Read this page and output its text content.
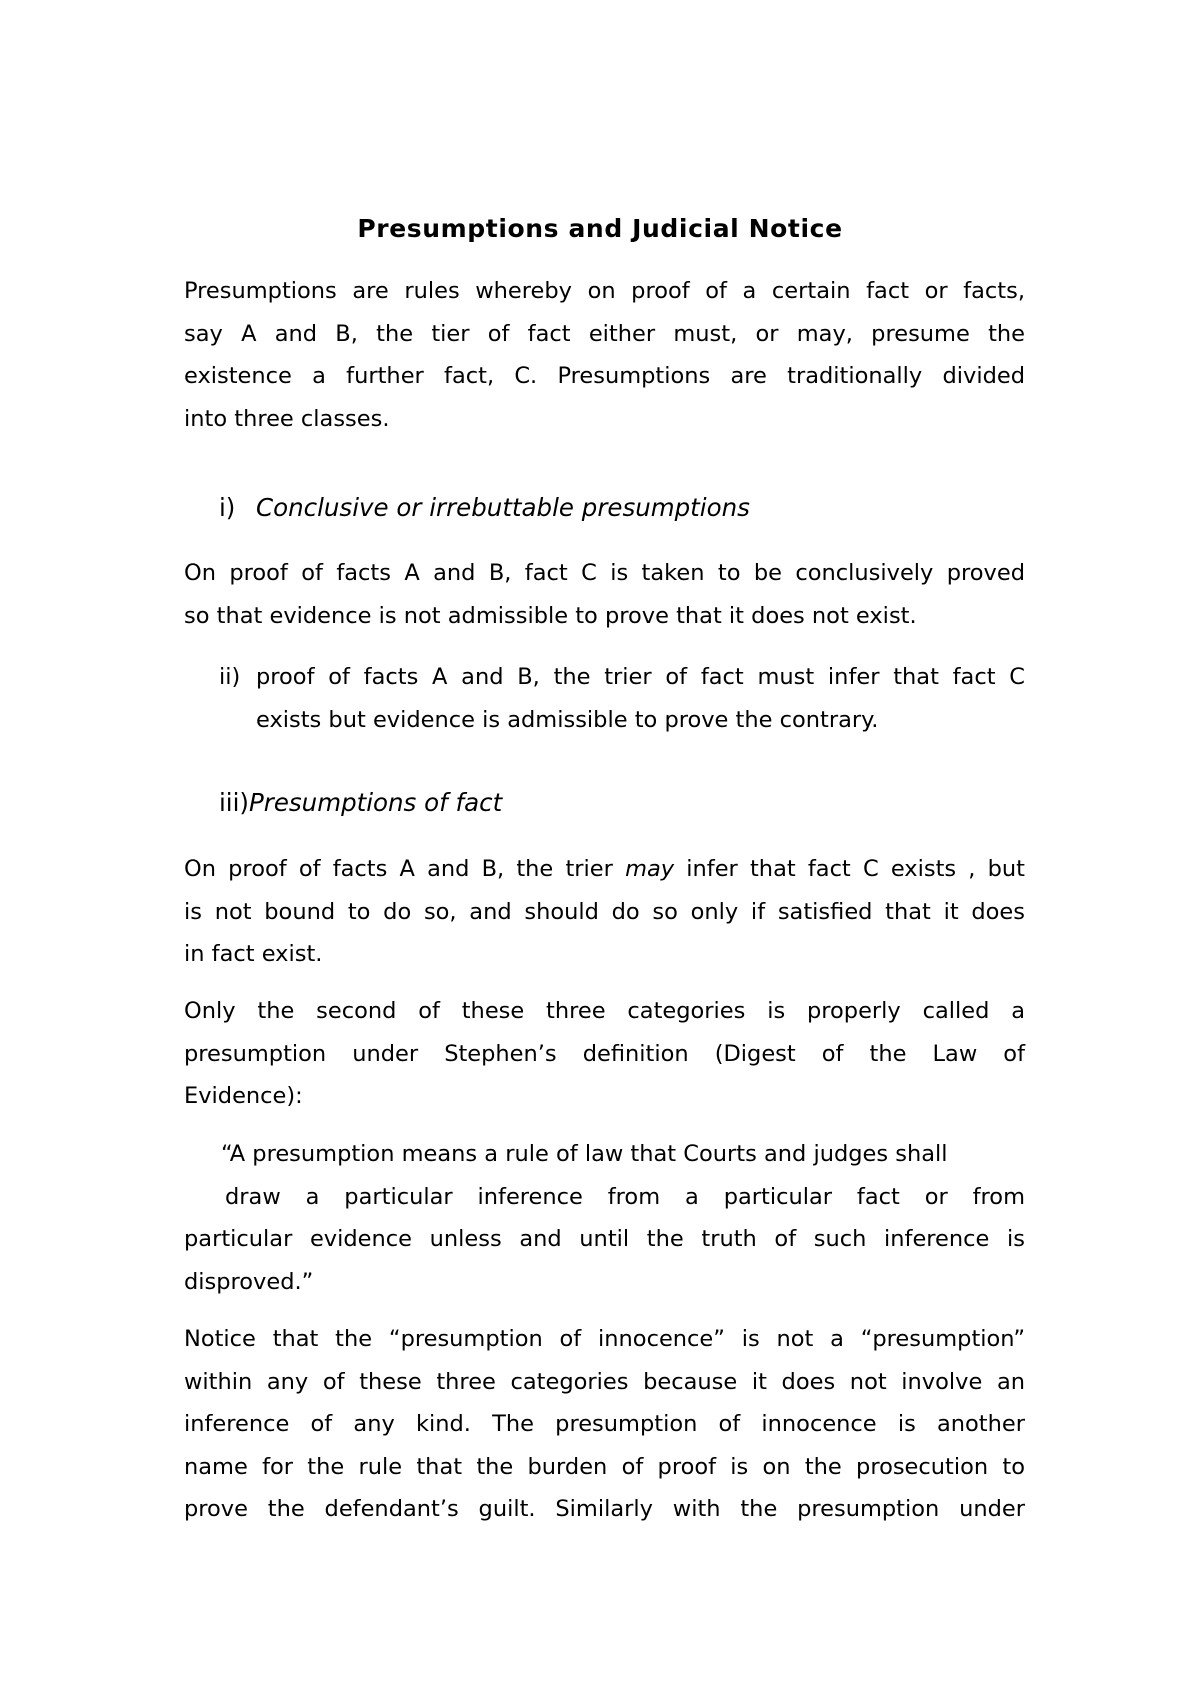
Presumptions and Judicial Notice
Presumptions are rules whereby on proof of a certain fact or facts,
say A and B, the tier of fact either must, or may, presume the
existence a further fact, C. Presumptions are traditionally divided
into three classes.
i) Conclusive or irrebuttable presumptions
On proof of facts A and B, fact C is taken to be conclusively proved
so that evidence is not admissible to prove that it does not exist.
ii) proof of facts A and B, the trier of fact must infer that fact C
exists but evidence is admissible to prove the contrary.
iii)Presumptions of fact
On proof of facts A and B, the trier may infer that fact C exists , but
is not bound to do so, and should do so only if satisfied that it does
in fact exist.
Only the second of these three categories is properly called a
presumption under Stephen’s definition (Digest of the Law of
Evidence):
“A presumption means a rule of law that Courts and judges shall
draw a particular inference from a particular fact or from
particular evidence unless and until the truth of such inference is
disproved.”
Notice that the “presumption of innocence” is not a “presumption”
within any of these three categories because it does not involve an
inference of any kind. The presumption of innocence is another
name for the rule that the burden of proof is on the prosecution to
prove the defendant’s guilt. Similarly with the presumption under
